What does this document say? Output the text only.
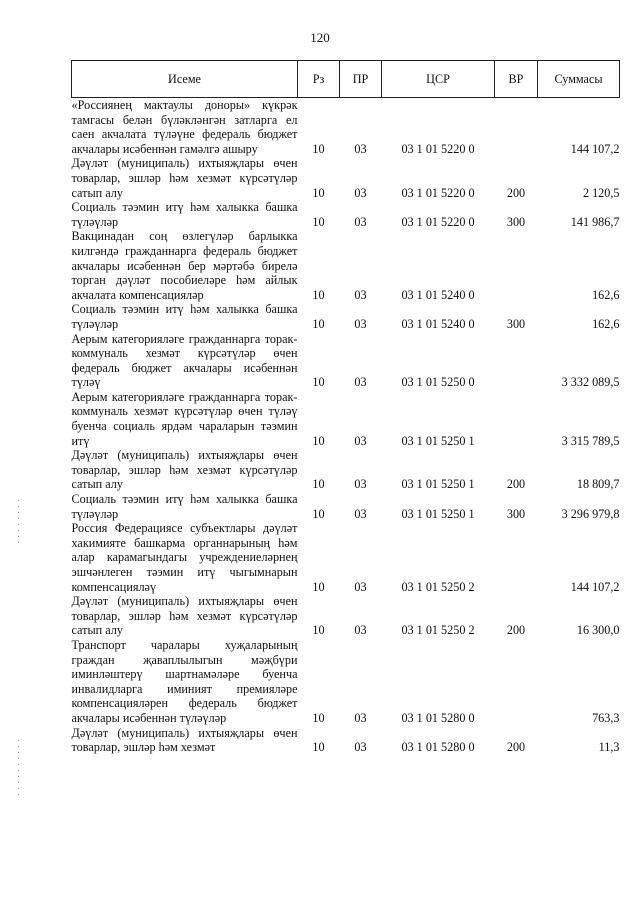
120
Исеме	Рз	ПР	ЦСР	ВР	Суммасы
«Россиянең мактаулы доноры» күкрәк тамгасы белән бүләкләнгән затларга ел саен акчалата түләүне федераль бюджет акчалары исәбеннән гамәлгә ашыру	10	03	03 1 01 5220 0		144 107,2
Дәүләт (муниципаль) ихтыяҗлары өчен товарлар, эшләр һәм хезмәт күрсәтүләр сатып алу	10	03	03 1 01 5220 0	200	2 120,5
Социаль тәэмин итү һәм халыкка башка түләүләр	10	03	03 1 01 5220 0	300	141 986,7
Вакцинадан соң өзлегүләр барлыкка килгәндә гражданнарга федераль бюджет акчалары исәбеннән бер мәртәбә бирелә торган дәүләт пособиеләре һәм айлык акчалата компенсацияләр	10	03	03 1 01 5240 0		162,6
Социаль тәэмин итү һәм халыкка башка түләүләр	10	03	03 1 01 5240 0	300	162,6
Аерым категорияләге гражданнарга торак-коммуналь хезмәт күрсәтүләр өчен федераль бюджет акчалары исәбеннән түләү	10	03	03 1 01 5250 0		3 332 089,5
Аерым категорияләге гражданнарга торак-коммуналь хезмәт күрсәтүләр өчен түләү буенча социаль ярдәм чараларын тәэмин итү	10	03	03 1 01 5250 1		3 315 789,5
Дәүләт (муниципаль) ихтыяҗлары өчен товарлар, эшләр һәм хезмәт күрсәтүләр сатып алу	10	03	03 1 01 5250 1	200	18 809,7
Социаль тәэмин итү һәм халыкка башка түләүләр	10	03	03 1 01 5250 1	300	3 296 979,8
Россия Федерациясе субъектлары дәүләт хакимияте башкарма органнарының һәм алар карамагындагы учреждениеләрнең эшчәнлеген тәэмин итү чыгымнарын компенсацияләү	10	03	03 1 01 5250 2		144 107,2
Дәүләт (муниципаль) ихтыяҗлары өчен товарлар, эшләр һәм хезмәт күрсәтүләр сатып алу	10	03	03 1 01 5250 2	200	16 300,0
Транспорт чаралары хуҗаларының граждан җаваплылыгын мәҗбүри иминләштерү шартнамәләре буенча инвалидларга иминият премияләре компенсацияләрен федераль бюджет акчалары исәбеннән түләүләр	10	03	03 1 01 5280 0		763,3
Дәүләт (муниципаль) ихтыяҗлары өчен товарлар, эшләр һәм хезмәт	10	03	03 1 01 5280 0	200	11,3
